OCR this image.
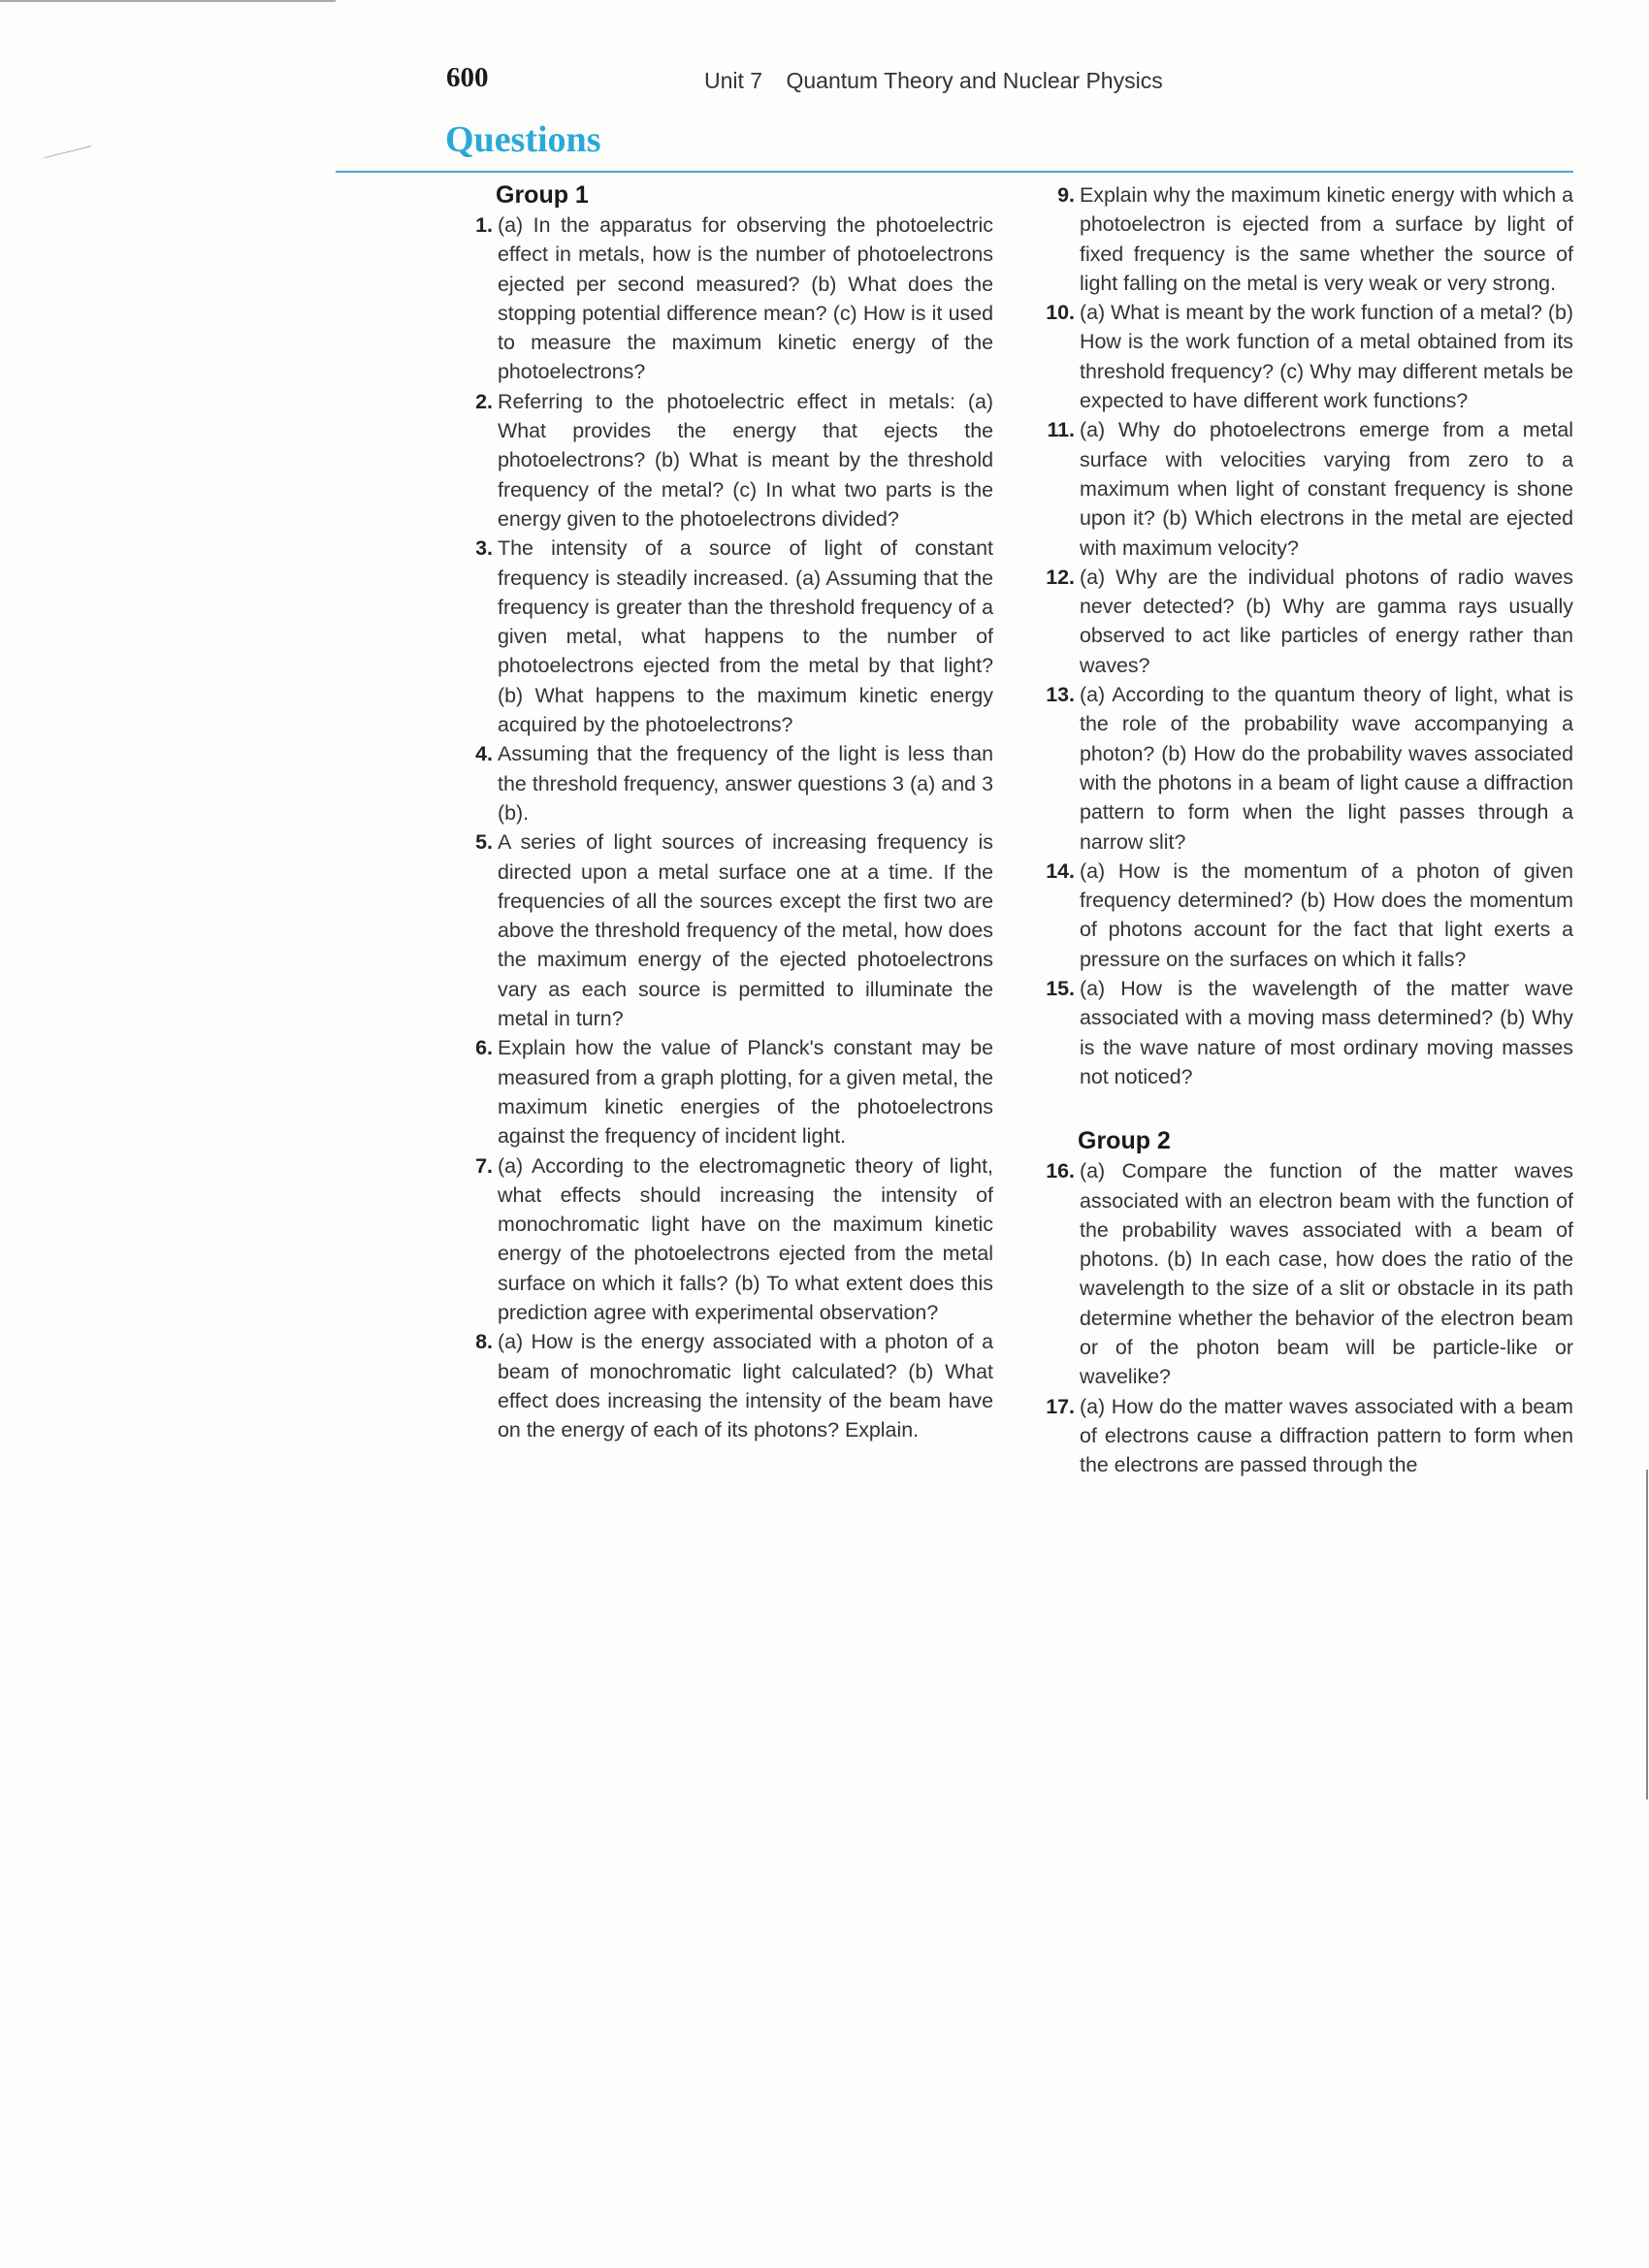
600	Unit 7 Quantum Theory and Nuclear Physics
Questions
Group 1
1. (a) In the apparatus for observing the photoelectric effect in metals, how is the number of photoelectrons ejected per second measured? (b) What does the stopping potential difference mean? (c) How is it used to measure the maximum kinetic energy of the photoelectrons?
2. Referring to the photoelectric effect in metals: (a) What provides the energy that ejects the photoelectrons? (b) What is meant by the threshold frequency of the metal? (c) In what two parts is the energy given to the photoelectrons divided?
3. The intensity of a source of light of constant frequency is steadily increased. (a) Assuming that the frequency is greater than the threshold frequency of a given metal, what happens to the number of photoelectrons ejected from the metal by that light? (b) What happens to the maximum kinetic energy acquired by the photoelectrons?
4. Assuming that the frequency of the light is less than the threshold frequency, answer questions 3 (a) and 3 (b).
5. A series of light sources of increasing frequency is directed upon a metal surface one at a time. If the frequencies of all the sources except the first two are above the threshold frequency of the metal, how does the maximum energy of the ejected photoelectrons vary as each source is permitted to illuminate the metal in turn?
6. Explain how the value of Planck's constant may be measured from a graph plotting, for a given metal, the maximum kinetic energies of the photoelectrons against the frequency of incident light.
7. (a) According to the electromagnetic theory of light, what effects should increasing the intensity of monochromatic light have on the maximum kinetic energy of the photoelectrons ejected from the metal surface on which it falls? (b) To what extent does this prediction agree with experimental observation?
8. (a) How is the energy associated with a photon of a beam of monochromatic light calculated? (b) What effect does increasing the intensity of the beam have on the energy of each of its photons? Explain.
9. Explain why the maximum kinetic energy with which a photoelectron is ejected from a surface by light of fixed frequency is the same whether the source of light falling on the metal is very weak or very strong.
10. (a) What is meant by the work function of a metal? (b) How is the work function of a metal obtained from its threshold frequency? (c) Why may different metals be expected to have different work functions?
11. (a) Why do photoelectrons emerge from a metal surface with velocities varying from zero to a maximum when light of constant frequency is shone upon it? (b) Which electrons in the metal are ejected with maximum velocity?
12. (a) Why are the individual photons of radio waves never detected? (b) Why are gamma rays usually observed to act like particles of energy rather than waves?
13. (a) According to the quantum theory of light, what is the role of the probability wave accompanying a photon? (b) How do the probability waves associated with the photons in a beam of light cause a diffraction pattern to form when the light passes through a narrow slit?
14. (a) How is the momentum of a photon of given frequency determined? (b) How does the momentum of photons account for the fact that light exerts a pressure on the surfaces on which it falls?
15. (a) How is the wavelength of the matter wave associated with a moving mass determined? (b) Why is the wave nature of most ordinary moving masses not noticed?
Group 2
16. (a) Compare the function of the matter waves associated with an electron beam with the function of the probability waves associated with a beam of photons. (b) In each case, how does the ratio of the wavelength to the size of a slit or obstacle in its path determine whether the behavior of the electron beam or of the photon beam will be particle-like or wavelike?
17. (a) How do the matter waves associated with a beam of electrons cause a diffraction pattern to form when the electrons are passed through the
